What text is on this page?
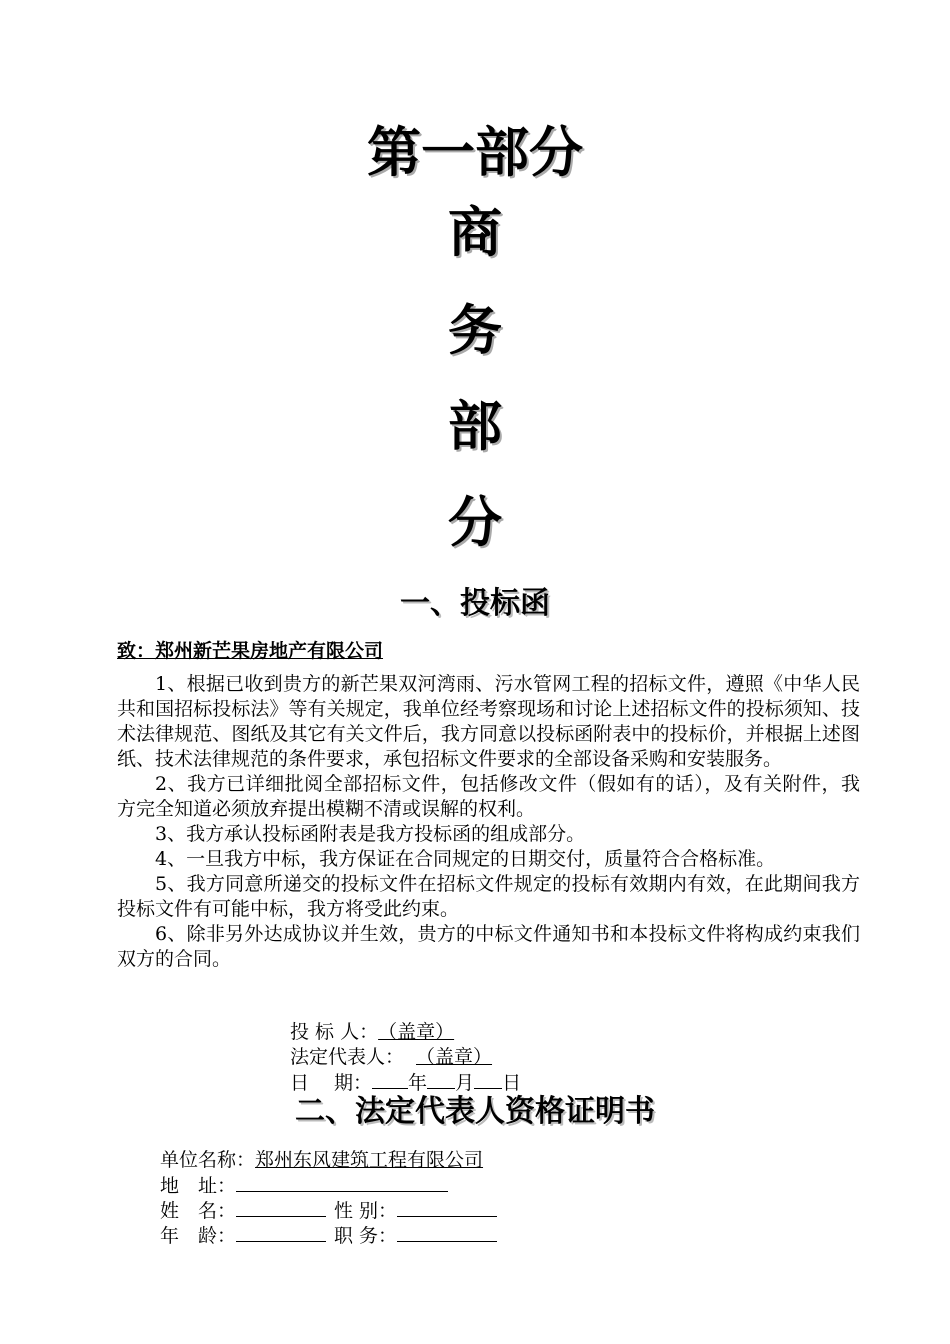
第一部分
商
务
部
分
一、投标函
致：郑州新芒果房地产有限公司

1、根据已收到贵方的新芒果双河湾雨、污水管网工程的招标文件，遵照《中华人民共和国招标投标法》等有关规定，我单位经考察现场和讨论上述招标文件的投标须知、技术法律规范、图纸及其它有关文件后，我方同意以投标函附表中的投标价，并根据上述图纸、技术法律规范的条件要求，承包招标文件要求的全部设备采购和安装服务。

2、我方已详细批阅全部招标文件，包括修改文件（假如有的话），及有关附件，我方完全知道必须放弃提出模糊不清或误解的权利。

3、我方承认投标函附表是我方投标函的组成部分。

4、一旦我方中标，我方保证在合同规定的日期交付，质量符合合格标准。

5、我方同意所递交的投标文件在招标文件规定的投标有效期内有效，在此期间我方投标文件有可能中标，我方将受此约束。

6、除非另外达成协议并生效，贵方的中标文件通知书和本投标文件将构成约束我们双方的合同。

投 标 人：（盖章）
法定代表人： （盖章）
日　 期： 年 月 日
二、法定代表人资格证明书
单位名称：郑州东风建筑工程有限公司
地　址：
姓　名：	性 别：
年　龄：	职 务：
